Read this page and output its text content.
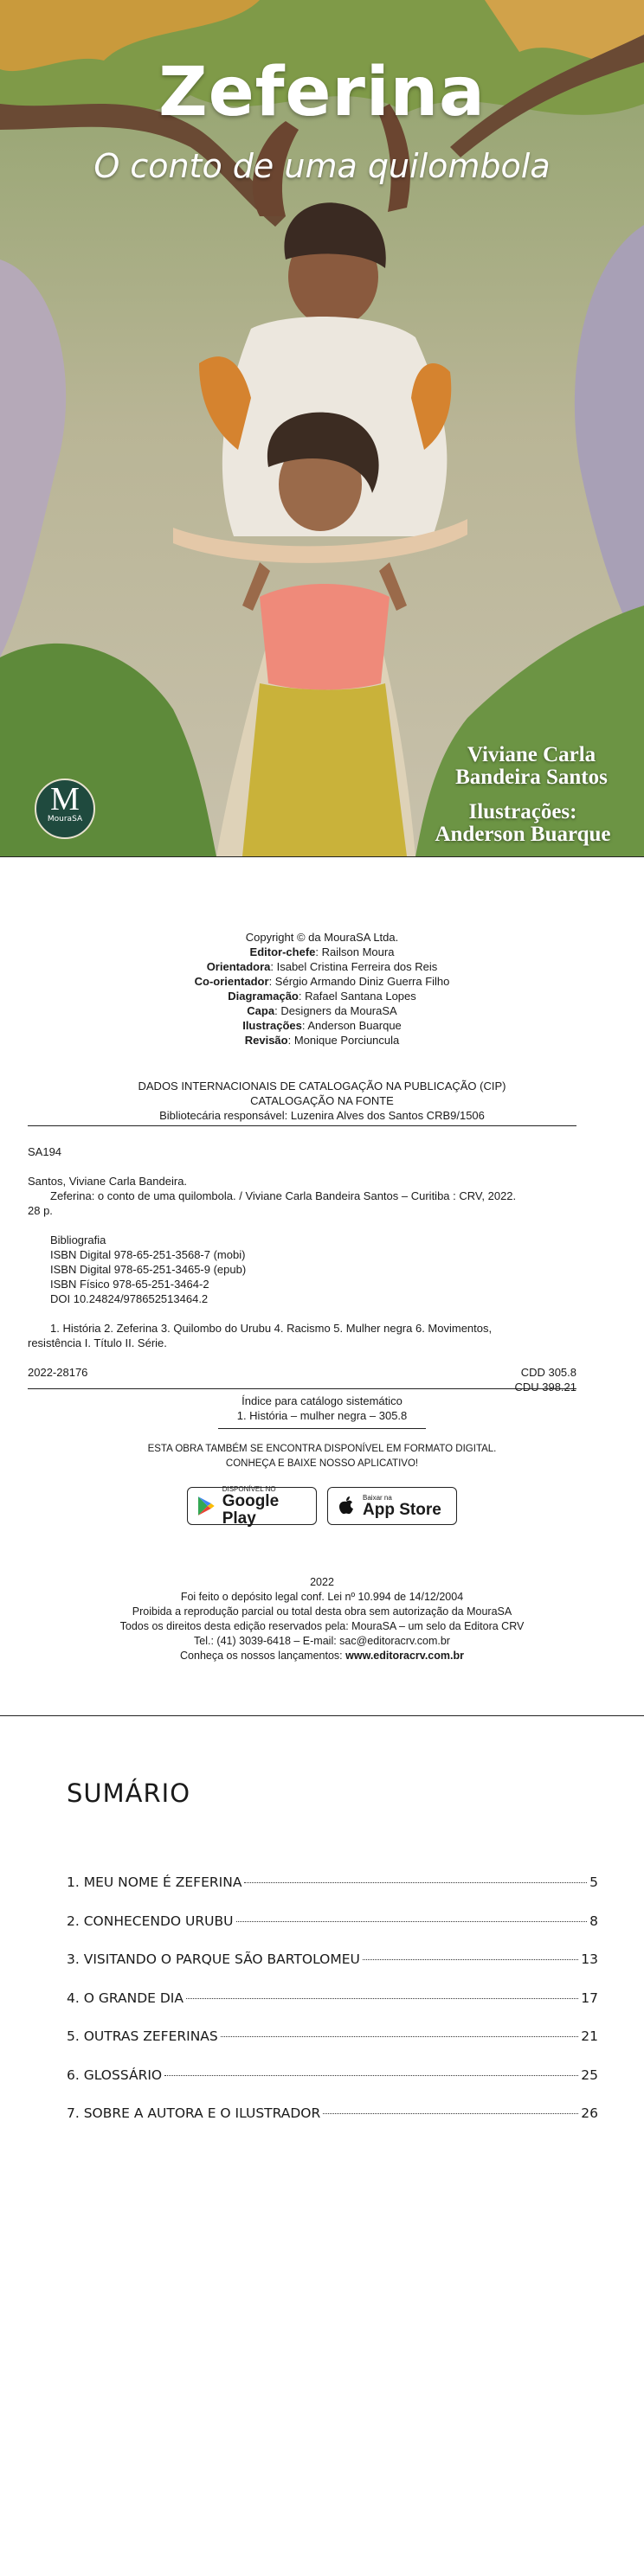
Zeferina
O conto de uma quilombola
Viviane Carla
Bandeira Santos
Ilustrações:
Anderson Buarque
M
MouraSA
Copyright © da MouraSA Ltda.
Editor-chefe: Railson Moura
Orientadora: Isabel Cristina Ferreira dos Reis
Co-orientador: Sérgio Armando Diniz Guerra Filho
Diagramação: Rafael Santana Lopes
Capa: Designers da MouraSA
Ilustrações: Anderson Buarque
Revisão: Monique Porciuncula
DADOS INTERNACIONAIS DE CATALOGAÇÃO NA PUBLICAÇÃO (CIP)
CATALOGAÇÃO NA FONTE
Bibliotecária responsável: Luzenira Alves dos Santos CRB9/1506
SA194
Santos, Viviane Carla Bandeira.
Zeferina: o conto de uma quilombola. / Viviane Carla Bandeira Santos – Curitiba : CRV, 2022.
28 p.
Bibliografia
ISBN Digital 978-65-251-3568-7 (mobi)
ISBN Digital 978-65-251-3465-9 (epub)
ISBN Físico 978-65-251-3464-2
DOI 10.24824/978652513464.2
1. História 2. Zeferina 3. Quilombo do Urubu 4. Racismo 5. Mulher negra 6. Movimentos,
resistência I. Título II. Série.
2022-28176	CDD 305.8
CDU 398.21
Índice para catálogo sistemático
1. História – mulher negra – 305.8
ESTA OBRA TAMBÉM SE ENCONTRA DISPONÍVEL EM FORMATO DIGITAL.
CONHEÇA E BAIXE NOSSO APLICATIVO!
DISPONÍVEL NO
Google Play
Baixar na
App Store
2022
Foi feito o depósito legal conf. Lei nº 10.994 de 14/12/2004
Proibida a reprodução parcial ou total desta obra sem autorização da MouraSA
Todos os direitos desta edição reservados pela: MouraSA – um selo da Editora CRV
Tel.: (41) 3039-6418 – E-mail: sac@editoracrv.com.br
Conheça os nossos lançamentos: www.editoracrv.com.br
SUMÁRIO
1. MEU NOME É ZEFERINA	5
2. CONHECENDO URUBU	8
3. VISITANDO O PARQUE SÃO BARTOLOMEU	13
4. O GRANDE DIA	17
5. OUTRAS ZEFERINAS	21
6. GLOSSÁRIO	25
7. SOBRE A AUTORA E O ILUSTRADOR	26
